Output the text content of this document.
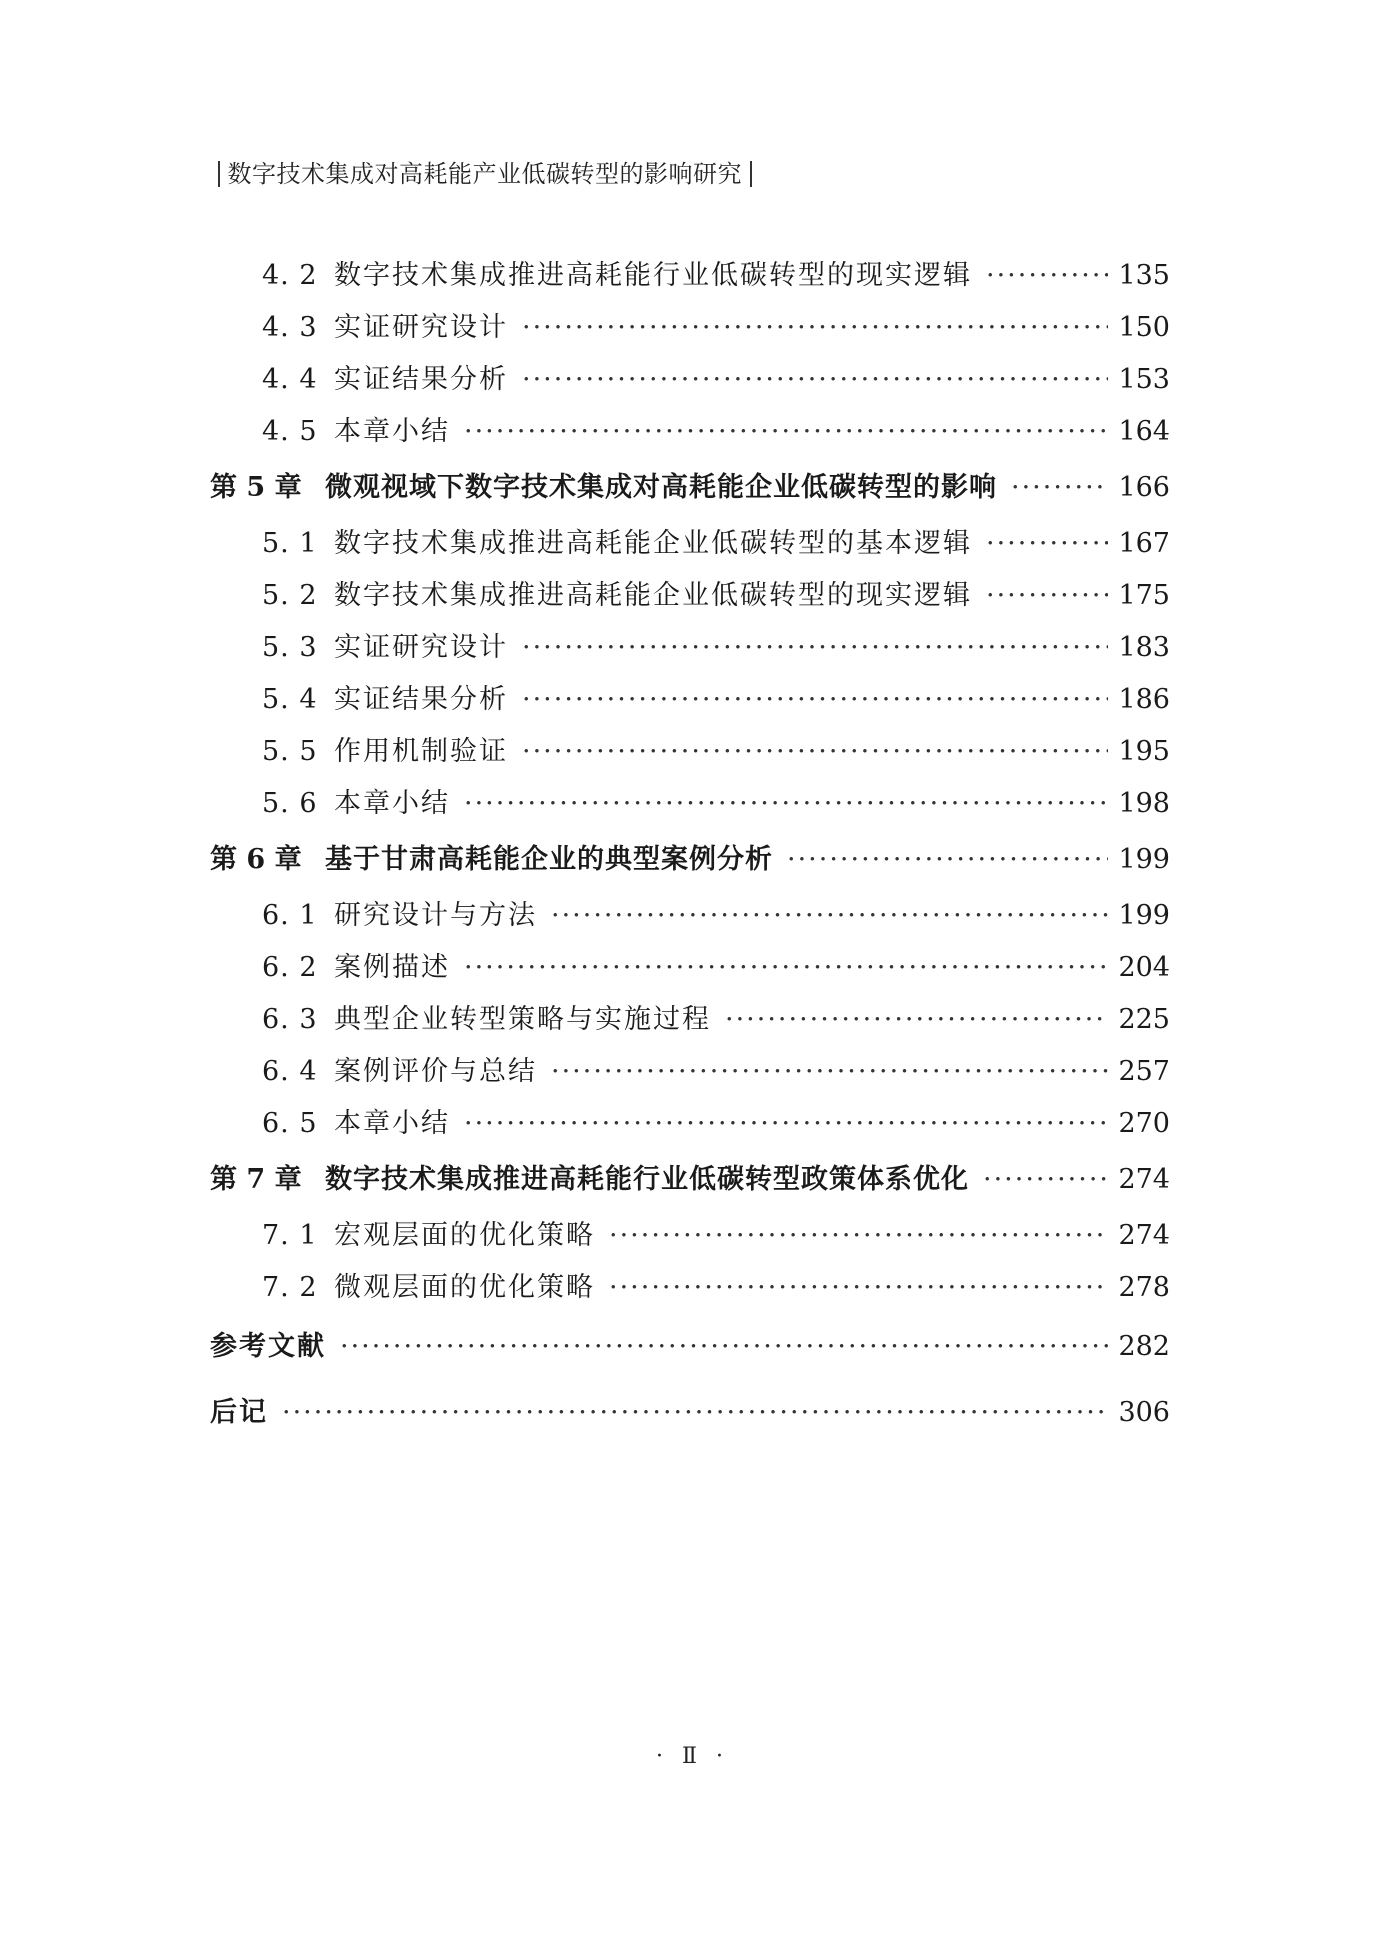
数字技术集成对高耗能产业低碳转型的影响研究
4. 2 数字技术集成推进高耗能行业低碳转型的现实逻辑 ·····	135
4. 3 实证研究设计 ·····	150
4. 4 实证结果分析 ·····	153
4. 5 本章小结 ·····	164
第 5 章 微观视域下数字技术集成对高耗能企业低碳转型的影响 ·····	166
5. 1 数字技术集成推进高耗能企业低碳转型的基本逻辑 ·····	167
5. 2 数字技术集成推进高耗能企业低碳转型的现实逻辑 ·····	175
5. 3 实证研究设计 ·····	183
5. 4 实证结果分析 ·····	186
5. 5 作用机制验证 ·····	195
5. 6 本章小结 ·····	198
第 6 章 基于甘肃高耗能企业的典型案例分析 ·····	199
6. 1 研究设计与方法 ·····	199
6. 2 案例描述 ·····	204
6. 3 典型企业转型策略与实施过程 ·····	225
6. 4 案例评价与总结 ·····	257
6. 5 本章小结 ·····	270
第 7 章 数字技术集成推进高耗能行业低碳转型政策体系优化 ·····	274
7. 1 宏观层面的优化策略 ·····	274
7. 2 微观层面的优化策略 ·····	278
参考文献 ·····	282
后记 ·····	306
· Ⅱ ·
